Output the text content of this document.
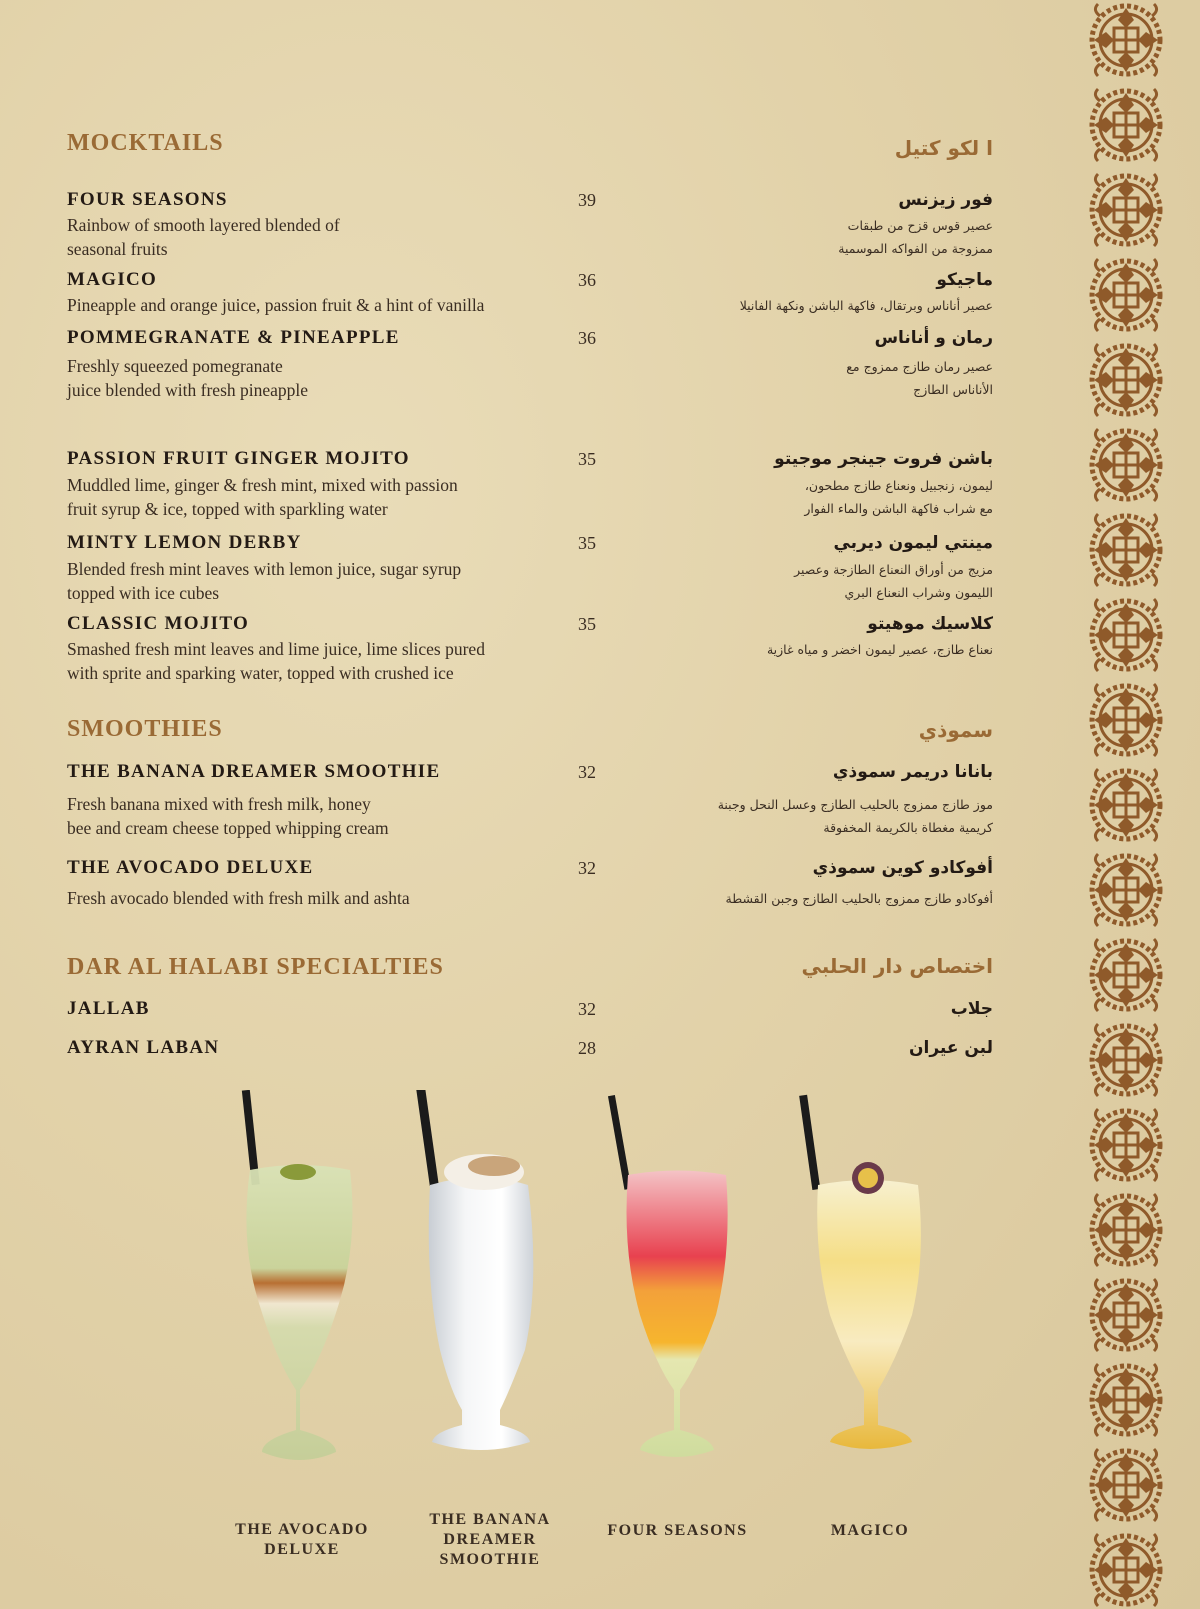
MOCKTAILS	ا لكو كتيل
SMOOTHIES	سموذي
DAR AL HALABI SPECIALTIES	اختصاص دار الحلبي
FOUR SEASONS	39
Rainbow of smooth layered blended of
seasonal fruits
فور زيزنس
عصير قوس قزح من طبقات
ممزوجة من الفواكه الموسمية
MAGICO	36
Pineapple and orange juice, passion fruit & a hint of vanilla
ماجيكو
عصير أناناس وبرتقال، فاكهة الباشن ونكهة الفانيلا
POMMEGRANATE & PINEAPPLE	36
Freshly squeezed pomegranate
juice blended with fresh pineapple
رمان و أناناس
عصير رمان طازج ممزوج مع
الأناناس الطازج
PASSION FRUIT GINGER MOJITO	35
Muddled lime, ginger & fresh mint, mixed with passion
fruit syrup & ice, topped with sparkling water
باشن فروت جينجر موجيتو
ليمون، زنجبيل ونعناع طازج مطحون،
مع شراب فاكهة الباشن والماء الفوار
MINTY LEMON DERBY	35
Blended fresh mint leaves with lemon juice, sugar syrup
topped with ice cubes
مينتي ليمون ديربي
مزيج من أوراق النعناع الطازجة وعصير
الليمون وشراب النعناع البري
CLASSIC MOJITO	35
Smashed fresh mint leaves and lime juice, lime slices pured
with sprite and sparking water, topped with crushed ice
كلاسيك موهيتو
نعناع طازج، عصير ليمون اخضر و مياه غازية
THE BANANA DREAMER SMOOTHIE	32
Fresh banana mixed with fresh milk, honey
bee and cream cheese topped whipping cream
بانانا دريمر سموذي
موز طازج ممزوج بالحليب الطازج وعسل النحل وجبنة
كريمية مغطاة بالكريمة المخفوقة
THE AVOCADO DELUXE	32
Fresh avocado blended with fresh milk and ashta
أفوكادو كوين سموذي
أفوكادو طازج ممزوج بالحليب الطازج وجبن القشطة
JALLAB	32	جلاب
AYRAN LABAN	28	لبن عيران
THE AVOCADO
DELUXE
THE BANANA
DREAMER
SMOOTHIE
FOUR SEASONS	MAGICO
